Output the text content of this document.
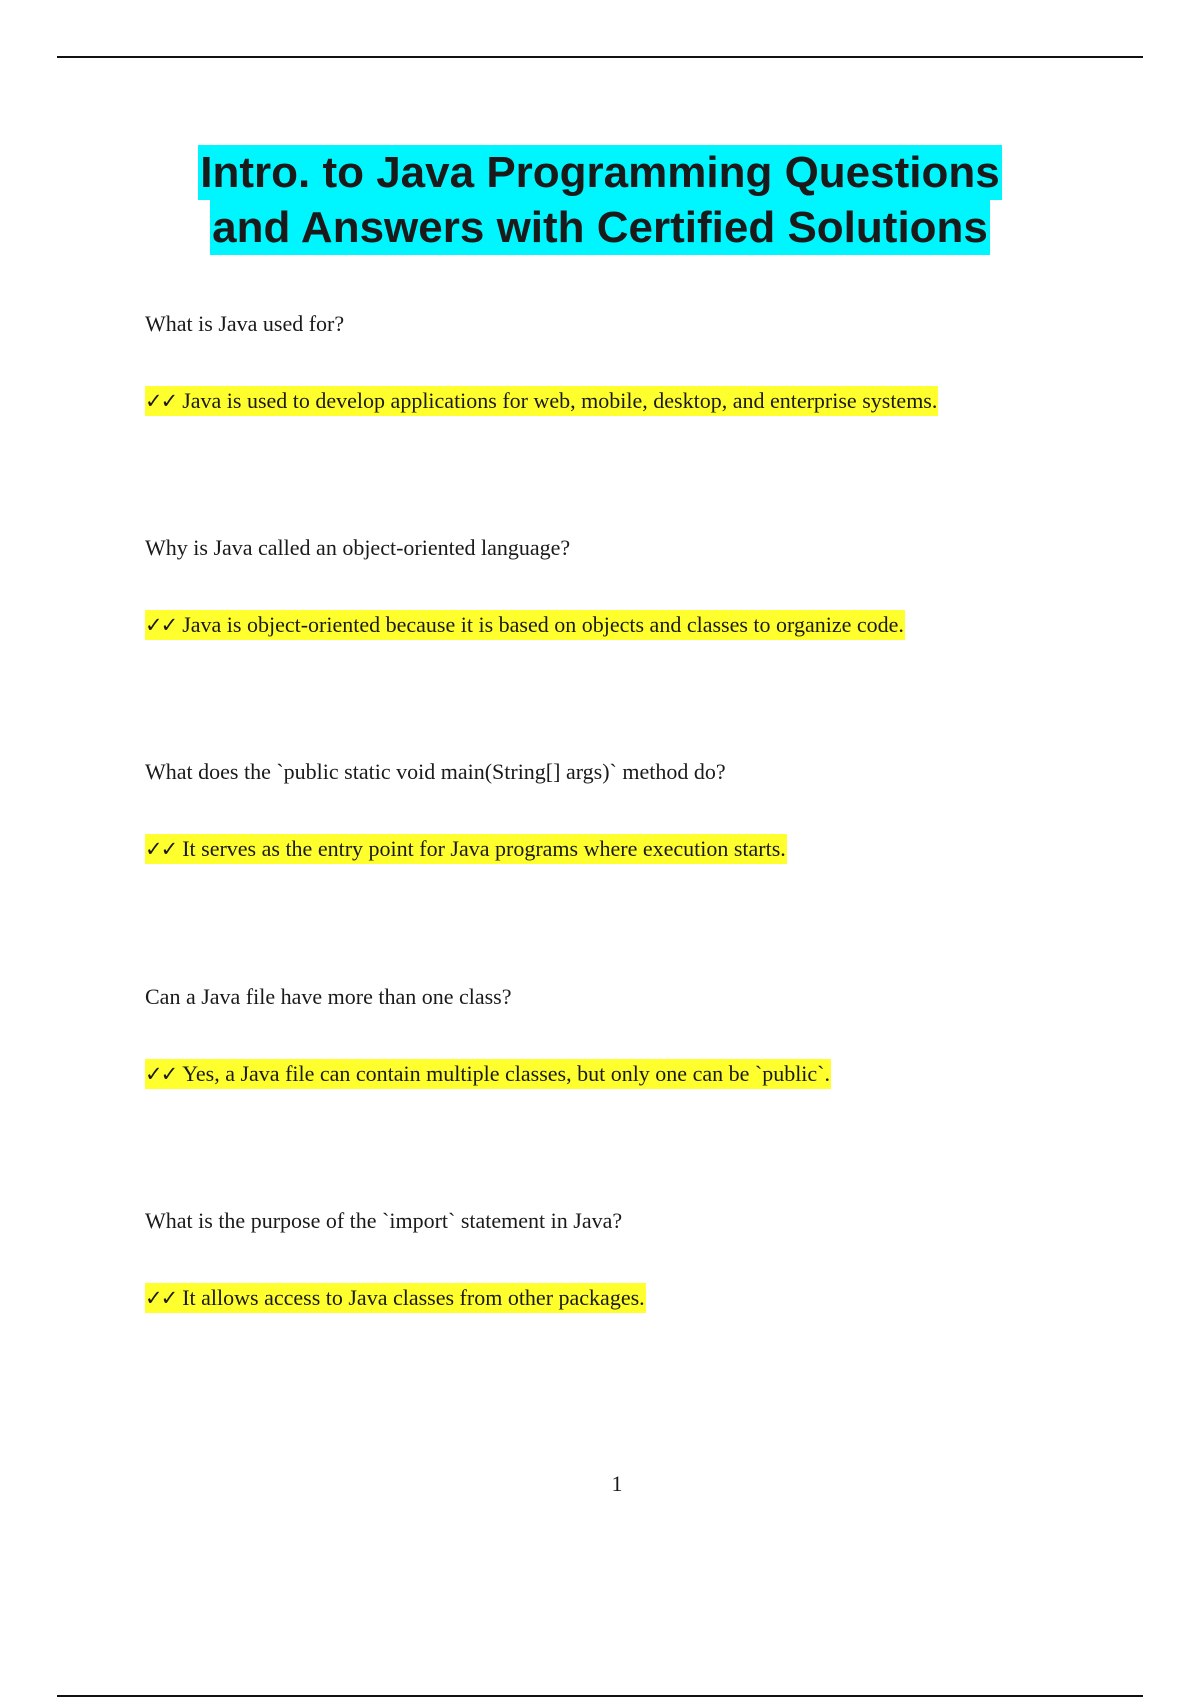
Intro. to Java Programming Questions
and Answers with Certified Solutions
What is Java used for?
✓✓ Java is used to develop applications for web, mobile, desktop, and enterprise systems.
Why is Java called an object-oriented language?
✓✓ Java is object-oriented because it is based on objects and classes to organize code.
What does the `public static void main(String[] args)` method do?
✓✓ It serves as the entry point for Java programs where execution starts.
Can a Java file have more than one class?
✓✓ Yes, a Java file can contain multiple classes, but only one can be `public`.
What is the purpose of the `import` statement in Java?
✓✓ It allows access to Java classes from other packages.
1
